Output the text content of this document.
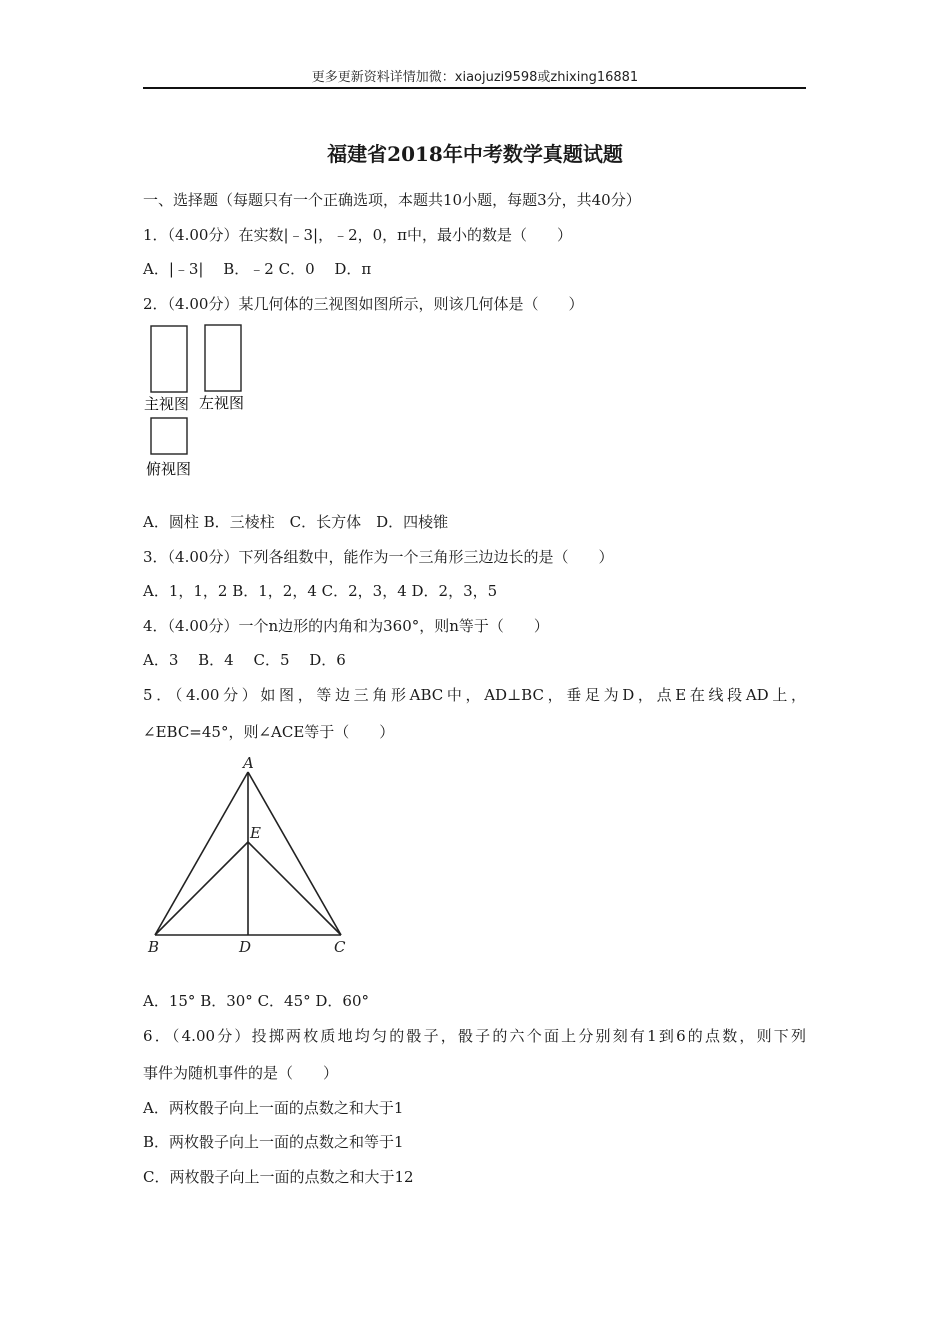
更多更新资料详情加微：xiaojuzi9598或zhixing16881
福建省2018年中考数学真题试题
一、选择题（每题只有一个正确选项，本题共10小题，每题3分，共40分）
1．（4.00分）在实数|﹣3|，﹣2，0，π中，最小的数是（　　）
A．|﹣3|　 B．﹣2 C．0　 D．π
2．（4.00分）某几何体的三视图如图所示，则该几何体是（　　）
主视图 左视图
俯视图
A．圆柱 B．三棱柱　C．长方体　D．四棱锥
3．（4.00分）下列各组数中，能作为一个三角形三边边长的是（　　）
A．1，1，2 B．1，2，4 C．2，3，4 D．2，3，5
4．（4.00分）一个n边形的内角和为360°，则n等于（　　）
A．3　 B．4　 C．5　 D．6
5．（4.00分）如图，等边三角形ABC中，AD⊥BC，垂足为D，点E在线段AD上，
∠EBC=45°，则∠ACE等于（　　）
A
B	C
D
E
A．15° B．30° C．45° D．60°
6．（4.00分）投掷两枚质地均匀的骰子，骰子的六个面上分别刻有1到6的点数，则下列
事件为随机事件的是（　　）
A．两枚骰子向上一面的点数之和大于1
B．两枚骰子向上一面的点数之和等于1
C．两枚骰子向上一面的点数之和大于12
